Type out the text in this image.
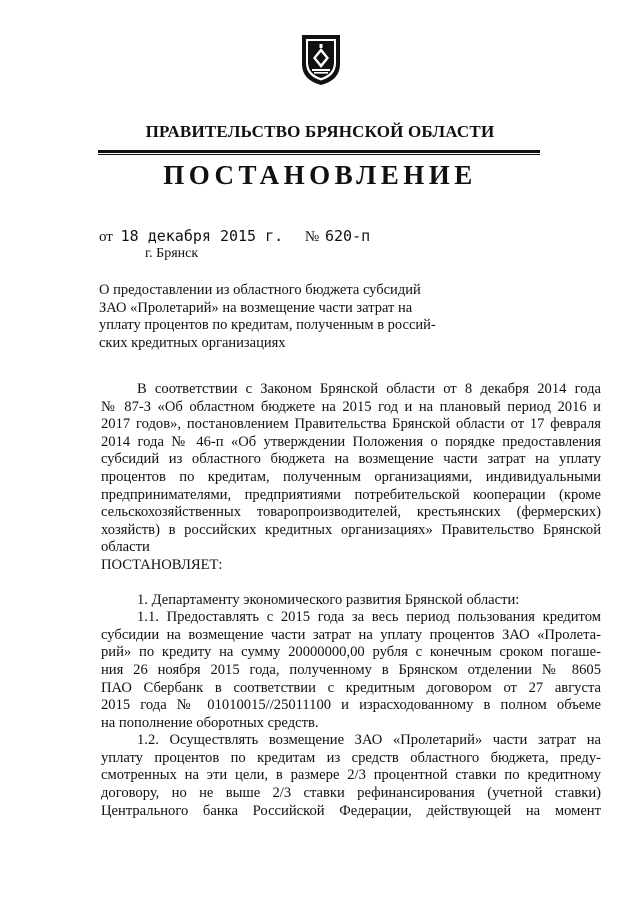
ПРАВИТЕЛЬСТВО БРЯНСКОЙ ОБЛАСТИ
ПОСТАНОВЛЕНИЕ
от 18 декабря 2015 г. № 620-п
г. Брянск
О предоставлении из областного бюджета субсидий
ЗАО «Пролетарий» на возмещение части затрат на
уплату процентов по кредитам, полученным в россий-
ских кредитных организациях
В соответствии с Законом Брянской области от 8 декабря 2014 года
№ 87-З «Об областном бюджете на 2015 год и на плановый период 2016 и
2017 годов», постановлением Правительства Брянской области от 17 февраля
2014 года № 46-п «Об утверждении Положения о порядке предоставления
субсидий из областного бюджета на возмещение части затрат на уплату
процентов по кредитам, полученным организациями, индивидуальными
предпринимателями, предприятиями потребительской кооперации (кроме
сельскохозяйственных товаропроизводителей, крестьянских (фермерских)
хозяйств) в российских кредитных организациях» Правительство Брянской
области
ПОСТАНОВЛЯЕТ:
1. Департаменту экономического развития Брянской области:
1.1. Предоставлять с 2015 года за весь период пользования кредитом
субсидии на возмещение части затрат на уплату процентов ЗАО «Пролета-
рий» по кредиту на сумму 20000000,00 рубля с конечным сроком погаше-
ния 26 ноября 2015 года, полученному в Брянском отделении № 8605
ПАО Сбербанк в соответствии с кредитным договором от 27 августа
2015 года № 01010015//25011100 и израсходованному в полном объеме
на пополнение оборотных средств.
1.2. Осуществлять возмещение ЗАО «Пролетарий» части затрат на
уплату процентов по кредитам из средств областного бюджета, преду-
смотренных на эти цели, в размере 2/3 процентной ставки по кредитному
договору, но не выше 2/3 ставки рефинансирования (учетной ставки)
Центрального банка Российской Федерации, действующей на момент
